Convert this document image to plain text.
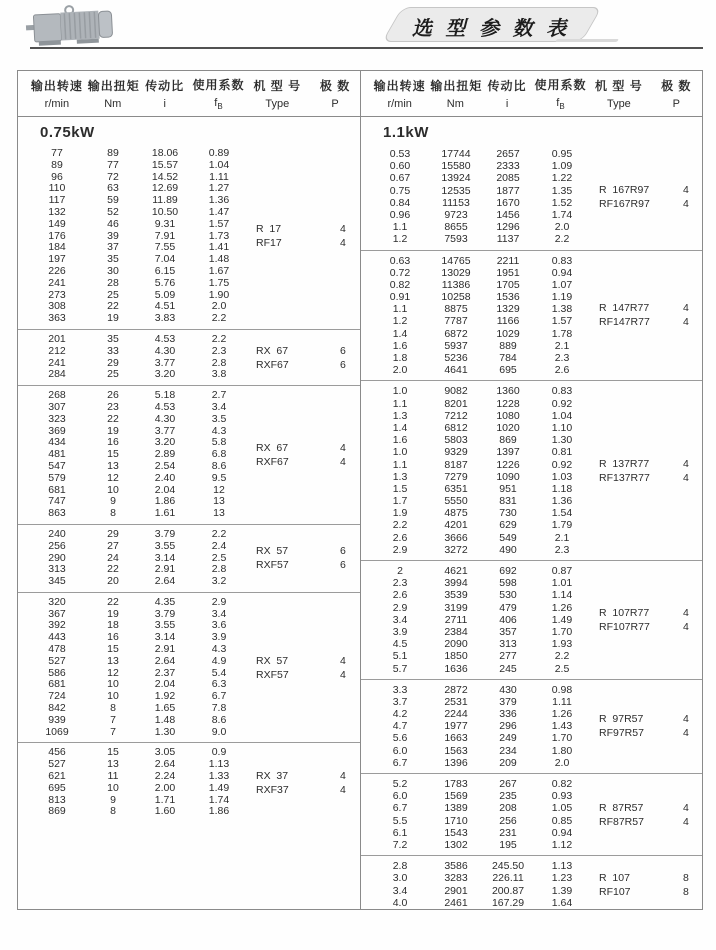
选 型 参 数 表
输出转速
r/min
输出扭矩
Nm
传动比
i
使用系数
$f_B$
机 型 号
Type
极 数
P
0.75kW
77	89	18.06	0.89
89	77	15.57	1.04
96	72	14.52	1.11
110	63	12.69	1.27
117	59	11.89	1.36
132	52	10.50	1.47
149	46	9.31	1.57
176	39	7.91	1.73
184	37	7.55	1.41
197	35	7.04	1.48
226	30	6.15	1.67
241	28	5.76	1.75
273	25	5.09	1.90
308	22	4.51	2.0
363	19	3.83	2.2
R  17	4
RF17	4
201	35	4.53	2.2
212	33	4.30	2.3
241	29	3.77	2.8
284	25	3.20	3.8
RX  67	6
RXF67	6
268	26	5.18	2.7
307	23	4.53	3.4
323	22	4.30	3.5
369	19	3.77	4.3
434	16	3.20	5.8
481	15	2.89	6.8
547	13	2.54	8.6
579	12	2.40	9.5
681	10	2.04	12
747	9	1.86	13
863	8	1.61	13
RX  67	4
RXF67	4
240	29	3.79	2.2
256	27	3.55	2.4
290	24	3.14	2.5
313	22	2.91	2.8
345	20	2.64	3.2
RX  57	6
RXF57	6
320	22	4.35	2.9
367	19	3.79	3.4
392	18	3.55	3.6
443	16	3.14	3.9
478	15	2.91	4.3
527	13	2.64	4.9
586	12	2.37	5.4
681	10	2.04	6.3
724	10	1.92	6.7
842	8	1.65	7.8
939	7	1.48	8.6
1069	7	1.30	9.0
RX  57	4
RXF57	4
456	15	3.05	0.9
527	13	2.64	1.13
621	11	2.24	1.33
695	10	2.00	1.49
813	9	1.71	1.74
869	8	1.60	1.86
RX  37	4
RXF37	4
输出转速
r/min
输出扭矩
Nm
传动比
i
使用系数
$f_B$
机 型 号
Type
极 数
P
1.1kW
0.53	17744	2657	0.95
0.60	15580	2333	1.09
0.67	13924	2085	1.22
0.75	12535	1877	1.35
0.84	11153	1670	1.52
0.96	9723	1456	1.74
1.1	8655	1296	2.0
1.2	7593	1137	2.2
R  167R97	4
RF167R97	4
0.63	14765	2211	0.83
0.72	13029	1951	0.94
0.82	11386	1705	1.07
0.91	10258	1536	1.19
1.1	8875	1329	1.38
1.2	7787	1166	1.57
1.4	6872	1029	1.78
1.6	5937	889	2.1
1.8	5236	784	2.3
2.0	4641	695	2.6
R  147R77	4
RF147R77	4
1.0	9082	1360	0.83
1.1	8201	1228	0.92
1.3	7212	1080	1.04
1.4	6812	1020	1.10
1.6	5803	869	1.30
1.0	9329	1397	0.81
1.1	8187	1226	0.92
1.3	7279	1090	1.03
1.5	6351	951	1.18
1.7	5550	831	1.36
1.9	4875	730	1.54
2.2	4201	629	1.79
2.6	3666	549	2.1
2.9	3272	490	2.3
R  137R77	4
RF137R77	4
2	4621	692	0.87
2.3	3994	598	1.01
2.6	3539	530	1.14
2.9	3199	479	1.26
3.4	2711	406	1.49
3.9	2384	357	1.70
4.5	2090	313	1.93
5.1	1850	277	2.2
5.7	1636	245	2.5
R  107R77	4
RF107R77	4
3.3	2872	430	0.98
3.7	2531	379	1.11
4.2	2244	336	1.26
4.7	1977	296	1.43
5.6	1663	249	1.70
6.0	1563	234	1.80
6.7	1396	209	2.0
R  97R57	4
RF97R57	4
5.2	1783	267	0.82
6.0	1569	235	0.93
6.7	1389	208	1.05
5.5	1710	256	0.85
6.1	1543	231	0.94
7.2	1302	195	1.12
R  87R57	4
RF87R57	4
2.8	3586	245.50	1.13
3.0	3283	226.11	1.23
3.4	2901	200.87	1.39
4.0	2461	167.29	1.64
R  107	8
RF107	8
